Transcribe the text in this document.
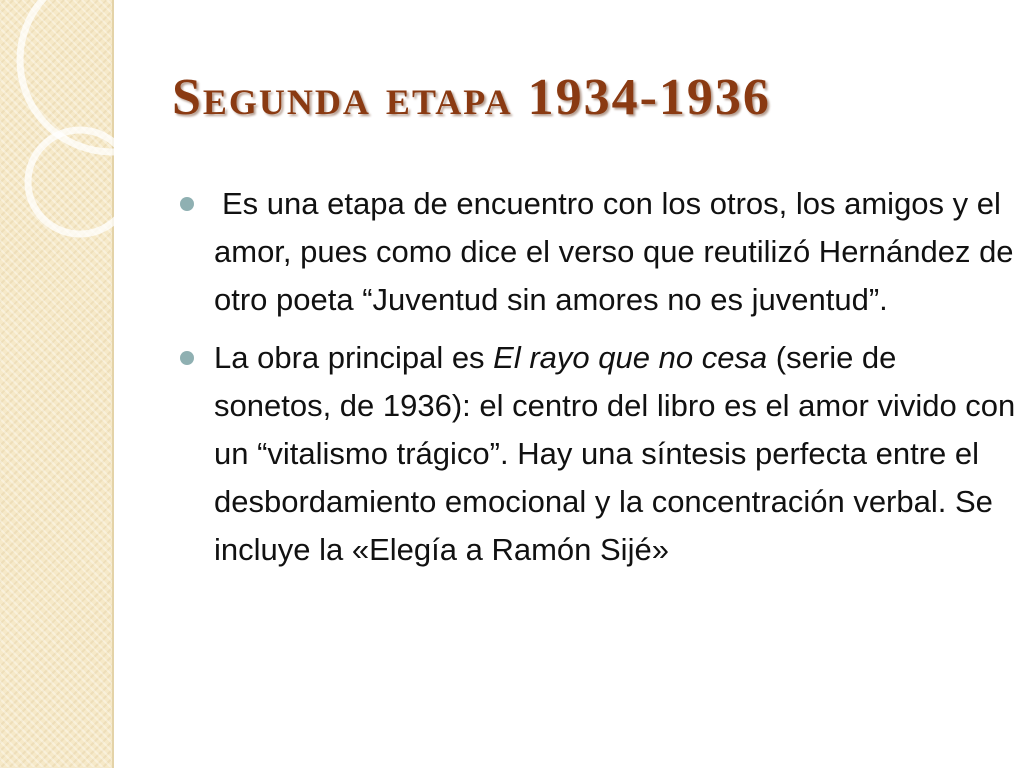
Segunda etapa 1934-1936
Es una etapa de encuentro con los otros, los amigos y el amor, pues como dice el verso que reutilizó Hernández de otro poeta “Juventud sin amores no es juventud”.
La obra principal es El rayo que no cesa (serie de sonetos, de 1936): el centro del libro es el amor vivido con un “vitalismo trágico”. Hay una síntesis perfecta entre el desbordamiento emocional y la concentración verbal. Se incluye la «Elegía a Ramón Sijé»
